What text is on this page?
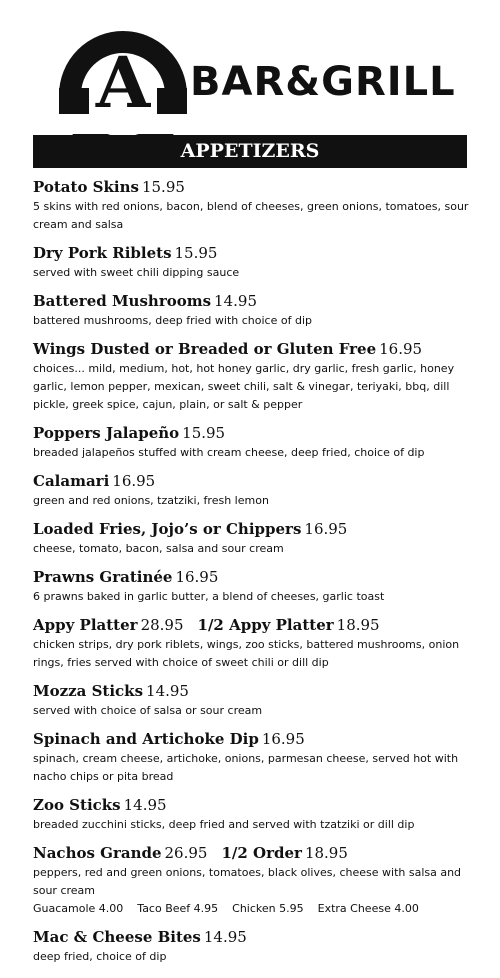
A BAR&GRILL
APPETIZERS
Potato Skins 15.95
5 skins with red onions, bacon, blend of cheeses, green onions, tomatoes, sour cream and salsa
Dry Pork Riblets 15.95
served with sweet chili dipping sauce
Battered Mushrooms 14.95
battered mushrooms, deep fried with choice of dip
Wings Dusted or Breaded or Gluten Free 16.95
choices... mild, medium, hot, hot honey garlic, dry garlic, fresh garlic, honey garlic, lemon pepper, mexican, sweet chili, salt & vinegar, teriyaki, bbq, dill pickle, greek spice, cajun, plain, or salt & pepper
Poppers Jalapeño 15.95
breaded jalapeños stuffed with cream cheese, deep fried, choice of dip
Calamari 16.95
green and red onions, tzatziki, fresh lemon
Loaded Fries, Jojo’s or Chippers 16.95
cheese, tomato, bacon, salsa and sour cream
Prawns Gratinée 16.95
6 prawns baked in garlic butter, a blend of cheeses, garlic toast
Appy Platter 28.95 1/2 Appy Platter 18.95
chicken strips, dry pork riblets, wings, zoo sticks, battered mushrooms, onion rings, fries served with choice of sweet chili or dill dip
Mozza Sticks 14.95
served with choice of salsa or sour cream
Spinach and Artichoke Dip 16.95
spinach, cream cheese, artichoke, onions, parmesan cheese, served hot with nacho chips or pita bread
Zoo Sticks 14.95
breaded zucchini sticks, deep fried and served with tzatziki or dill dip
Nachos Grande 26.95 1/2 Order 18.95
peppers, red and green onions, tomatoes, black olives, cheese with salsa and sour cream
Guacamole 4.00 Taco Beef 4.95 Chicken 5.95 Extra Cheese 4.00
Mac & Cheese Bites 14.95
deep fried, choice of dip
